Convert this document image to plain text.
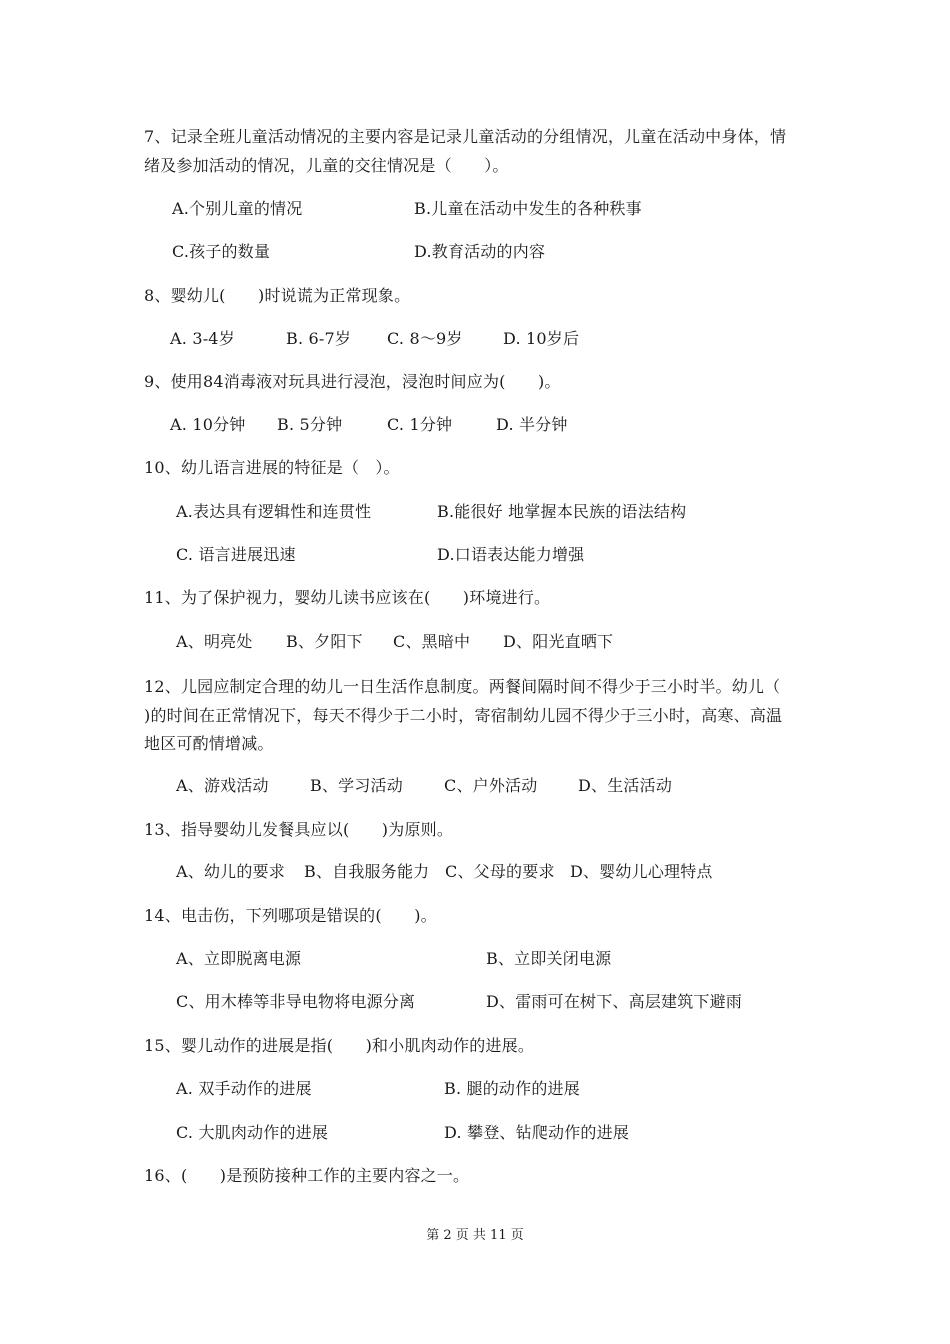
7、记录全班儿童活动情况的主要内容是记录儿童活动的分组情况，儿童在活动中身体，情
绪及参加活动的情况，儿童的交往情况是（　　）。
A.个别儿童的情况	B.儿童在活动中发生的各种秩事
C.孩子的数量	D.教育活动的内容
8、婴幼儿(　　)时说谎为正常现象。
A. 3-4岁	B. 6-7岁 C. 8～9岁	D. 10岁后
9、使用84消毒液对玩具进行浸泡，浸泡时间应为(　　)。
A. 10分钟 B. 5分钟	C. 1分钟	D. 半分钟
10、幼儿语言进展的特征是（　）。
A.表达具有逻辑性和连贯性	B.能很好 地掌握本民族的语法结构
C. 语言进展迅速	D.口语表达能力增强
11、为了保护视力，婴幼儿读书应该在(　　)环境进行。
A、明亮处 B、夕阳下 C、黑暗中 D、阳光直晒下
12、儿园应制定合理的幼儿一日生活作息制度。两餐间隔时间不得少于三小时半。幼儿（
)的时间在正常情况下，每天不得少于二小时，寄宿制幼儿园不得少于三小时，高寒、高温
地区可酌情增减。
A、游戏活动	B、学习活动	C、户外活动	D、生活活动
13、指导婴幼儿发餐具应以(　　)为原则。
A、幼儿的要求 B、自我服务能力 C、父母的要求 D、婴幼儿心理特点
14、电击伤，下列哪项是错误的(　　)。
A、立即脱离电源	B、立即关闭电源
C、用木棒等非导电物将电源分离	D、雷雨可在树下、高层建筑下避雨
15、婴儿动作的进展是指(　　)和小肌肉动作的进展。
A. 双手动作的进展	B. 腿的动作的进展
C. 大肌肉动作的进展	D. 攀登、钻爬动作的进展
16、(　　)是预防接种工作的主要内容之一。
第 2 页 共 11 页
